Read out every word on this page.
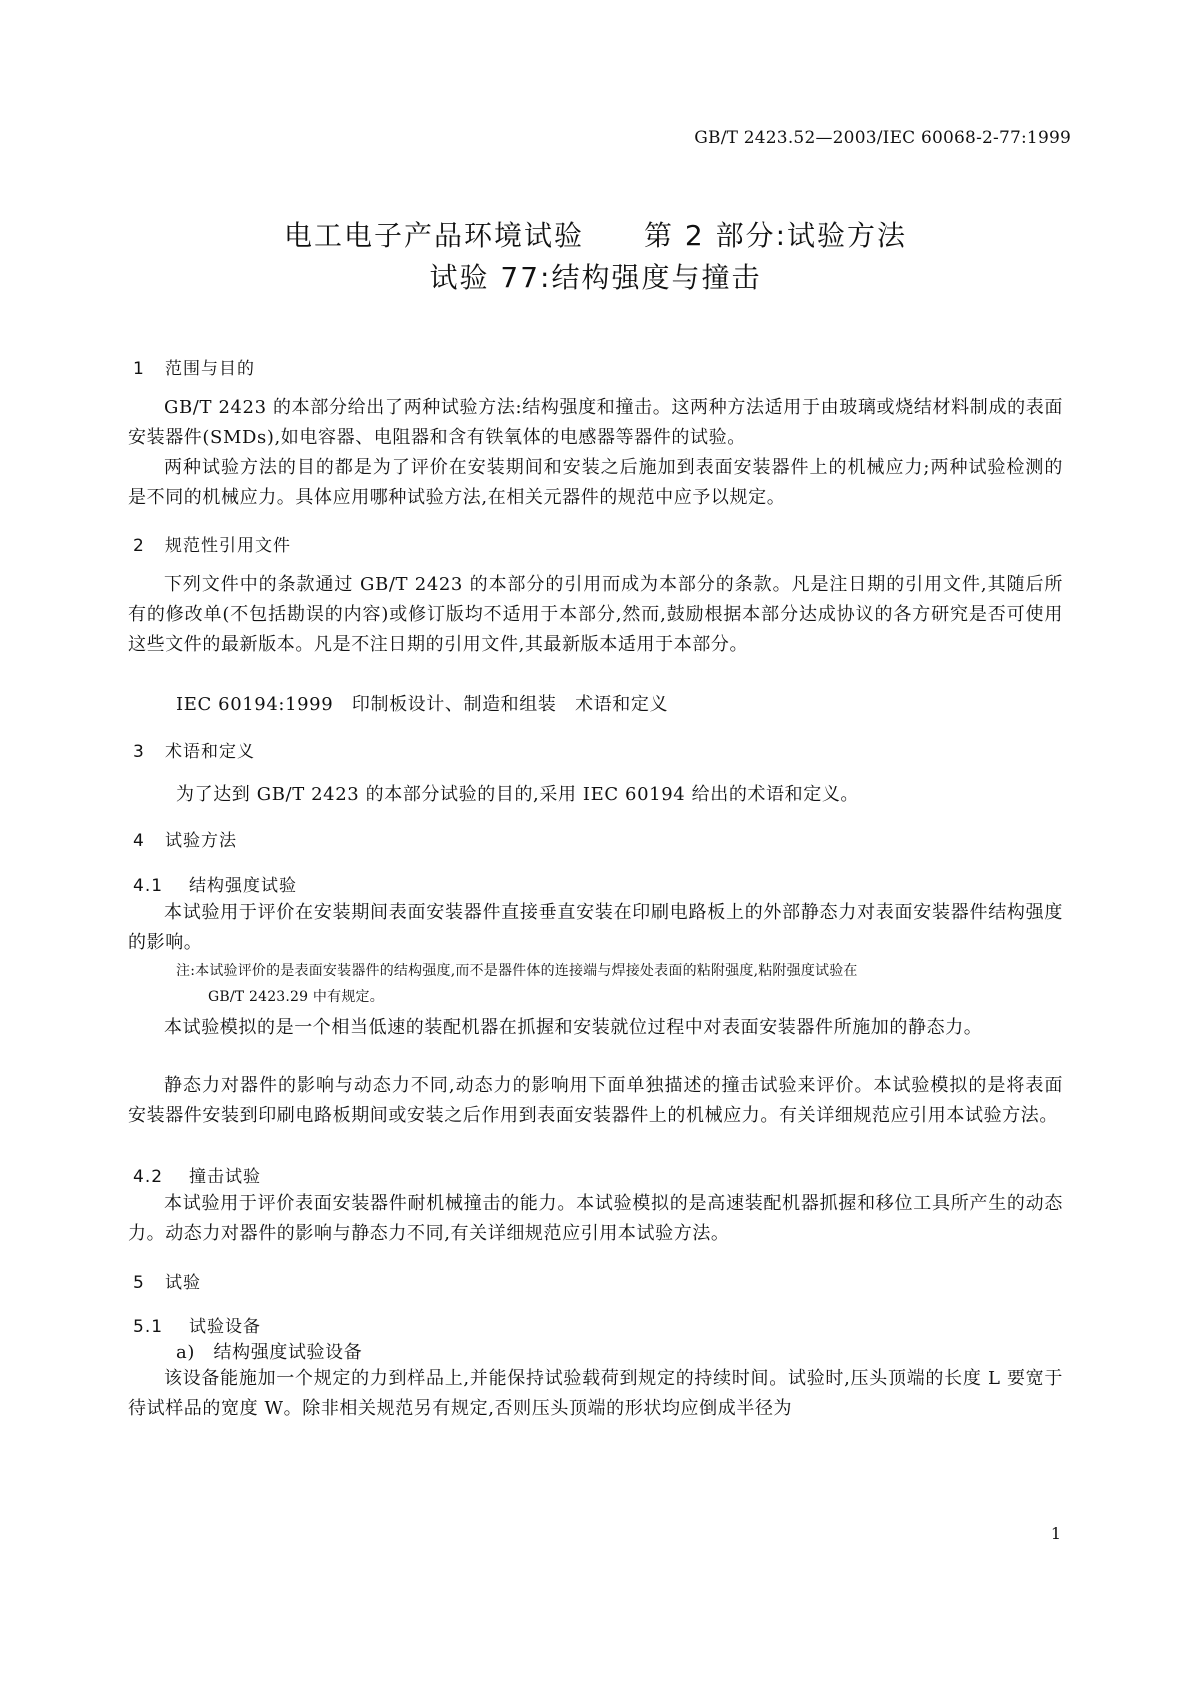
GB/T 2423.52—2003/IEC 60068-2-77:1999
电工电子产品环境试验　　第 2 部分:试验方法
试验 77:结构强度与撞击
1 范围与目的
GB/T 2423 的本部分给出了两种试验方法:结构强度和撞击。这两种方法适用于由玻璃或烧结材料制成的表面安装器件(SMDs),如电容器、电阻器和含有铁氧体的电感器等器件的试验。
两种试验方法的目的都是为了评价在安装期间和安装之后施加到表面安装器件上的机械应力;两种试验检测的是不同的机械应力。具体应用哪种试验方法,在相关元器件的规范中应予以规定。
2 规范性引用文件
下列文件中的条款通过 GB/T 2423 的本部分的引用而成为本部分的条款。凡是注日期的引用文件,其随后所有的修改单(不包括勘误的内容)或修订版均不适用于本部分,然而,鼓励根据本部分达成协议的各方研究是否可使用这些文件的最新版本。凡是不注日期的引用文件,其最新版本适用于本部分。
IEC 60194:1999　印制板设计、制造和组装　术语和定义
3 术语和定义
为了达到 GB/T 2423 的本部分试验的目的,采用 IEC 60194 给出的术语和定义。
4 试验方法
4.1 结构强度试验
本试验用于评价在安装期间表面安装器件直接垂直安装在印刷电路板上的外部静态力对表面安装器件结构强度的影响。
注:本试验评价的是表面安装器件的结构强度,而不是器件体的连接端与焊接处表面的粘附强度,粘附强度试验在
GB/T 2423.29 中有规定。
本试验模拟的是一个相当低速的装配机器在抓握和安装就位过程中对表面安装器件所施加的静态力。
静态力对器件的影响与动态力不同,动态力的影响用下面单独描述的撞击试验来评价。本试验模拟的是将表面安装器件安装到印刷电路板期间或安装之后作用到表面安装器件上的机械应力。有关详细规范应引用本试验方法。
4.2 撞击试验
本试验用于评价表面安装器件耐机械撞击的能力。本试验模拟的是高速装配机器抓握和移位工具所产生的动态力。动态力对器件的影响与静态力不同,有关详细规范应引用本试验方法。
5 试验
5.1 试验设备
a)　结构强度试验设备
该设备能施加一个规定的力到样品上,并能保持试验载荷到规定的持续时间。试验时,压头顶端的长度 L 要宽于待试样品的宽度 W。除非相关规范另有规定,否则压头顶端的形状均应倒成半径为
1
